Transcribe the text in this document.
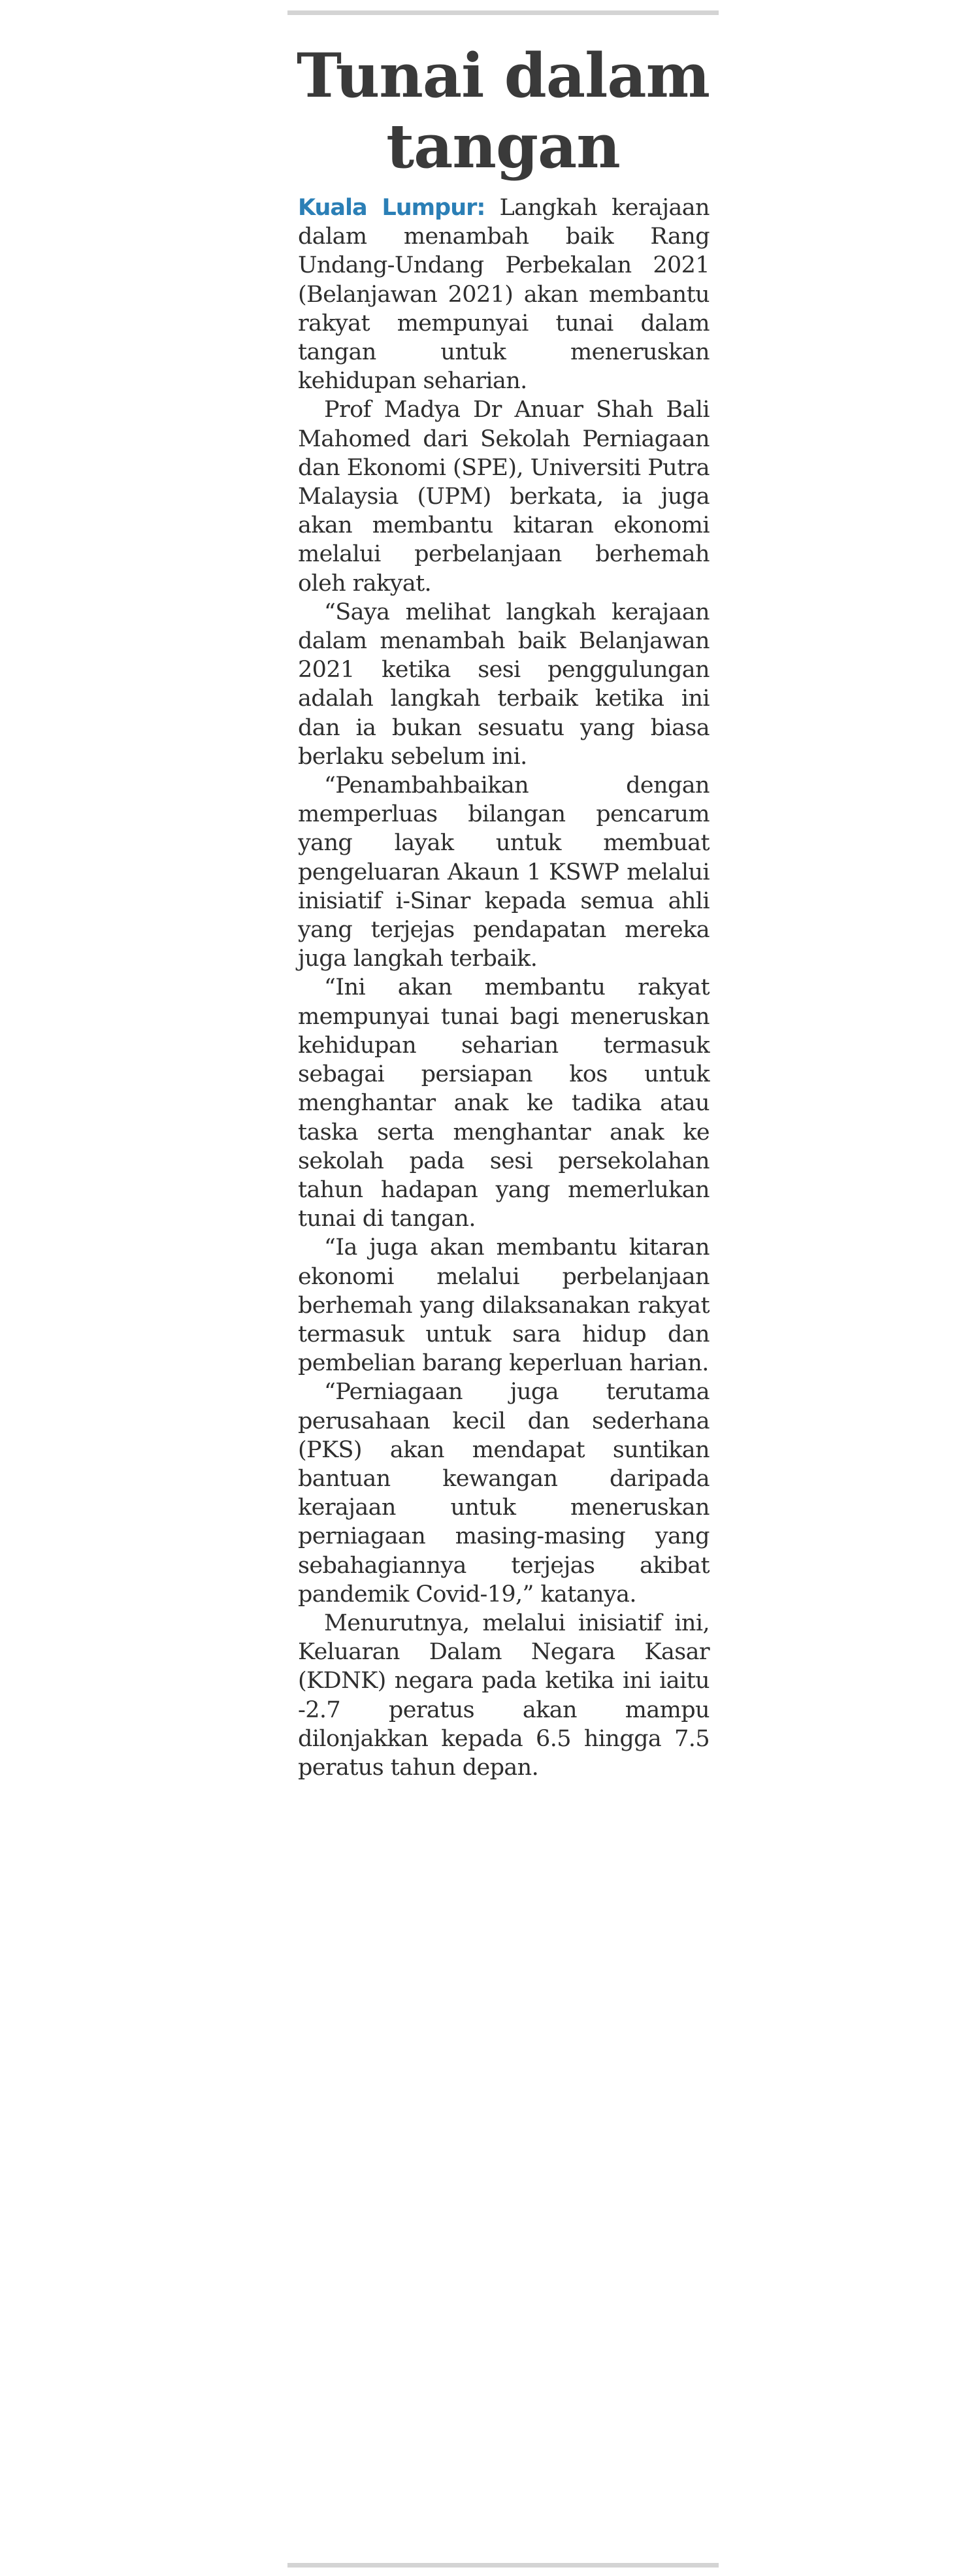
Tunai dalam
tangan

Kuala Lumpur: Langkah kerajaan dalam menambah baik Rang Undang-Undang Perbekalan 2021 (Belanjawan 2021) akan membantu rakyat mempunyai tunai dalam tangan untuk meneruskan kehidupan seharian.

Prof Madya Dr Anuar Shah Bali Mahomed dari Sekolah Perniagaan dan Ekonomi (SPE), Universiti Putra Malaysia (UPM) berkata, ia juga akan membantu kitaran ekonomi melalui perbelanjaan berhemah oleh rakyat.

“Saya melihat langkah kerajaan dalam menambah baik Belanjawan 2021 ketika sesi penggulungan adalah langkah terbaik ketika ini dan ia bukan sesuatu yang biasa berlaku sebelum ini.

“Penambahbaikan dengan memperluas bilangan pencarum yang layak untuk membuat pengeluaran Akaun 1 KSWP melalui inisiatif i-Sinar kepada semua ahli yang terjejas pendapatan mereka juga langkah terbaik.

“Ini akan membantu rakyat mempunyai tunai bagi meneruskan kehidupan seharian termasuk sebagai persiapan kos untuk menghantar anak ke tadika atau taska serta menghantar anak ke sekolah pada sesi persekolahan tahun hadapan yang memerlukan tunai di tangan.

“Ia juga akan membantu kitaran ekonomi melalui perbelanjaan berhemah yang dilaksanakan rakyat termasuk untuk sara hidup dan pembelian barang keperluan harian.

“Perniagaan juga terutama perusahaan kecil dan sederhana (PKS) akan mendapat suntikan bantuan kewangan daripada kerajaan untuk meneruskan perniagaan masing-masing yang sebahagiannya terjejas akibat pandemik Covid-19,” katanya.

Menurutnya, melalui inisiatif ini, Keluaran Dalam Negara Kasar (KDNK) negara pada ketika ini iaitu -2.7 peratus akan mampu dilonjakkan kepada 6.5 hingga 7.5 peratus tahun depan.
